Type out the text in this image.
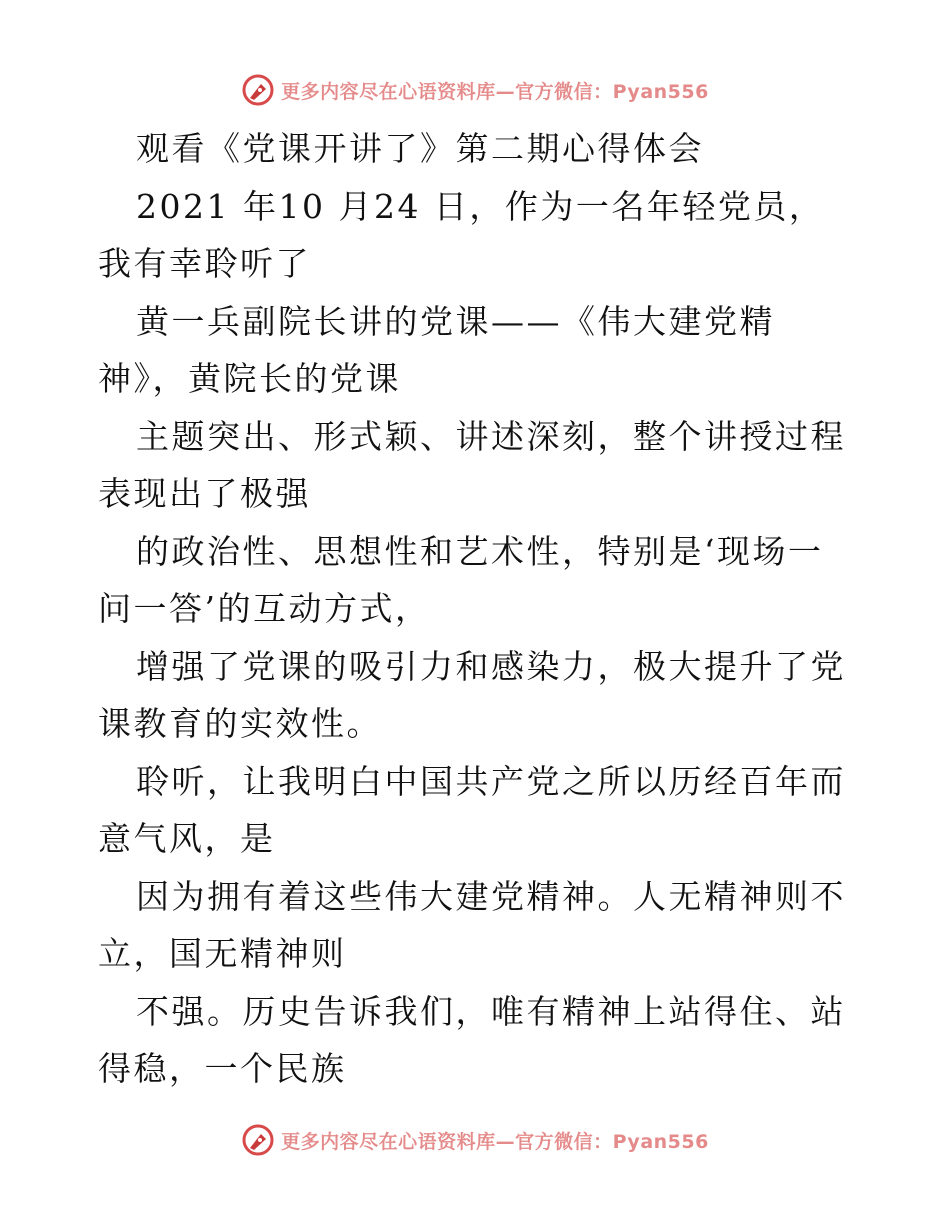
更多内容尽在心语资料库—官方微信：Pyan556

观看《党课开讲了》第二期心得体会

2021 年10 月24 日，作为一名年轻党员，我有幸聆听了

黄一兵副院长讲的党课——《伟大建党精神》，黄院长的党课

主题突出、形式颖、讲述深刻，整个讲授过程表现出了极强

的政治性、思想性和艺术性，特别是‘现场一问一答’的互动方式，

增强了党课的吸引力和感染力，极大提升了党课教育的实效性。

聆听，让我明白中国共产党之所以历经百年而意气风，是

因为拥有着这些伟大建党精神。人无精神则不立，国无精神则

不强。历史告诉我们，唯有精神上站得住、站得稳，一个民族

更多内容尽在心语资料库—官方微信：Pyan556
